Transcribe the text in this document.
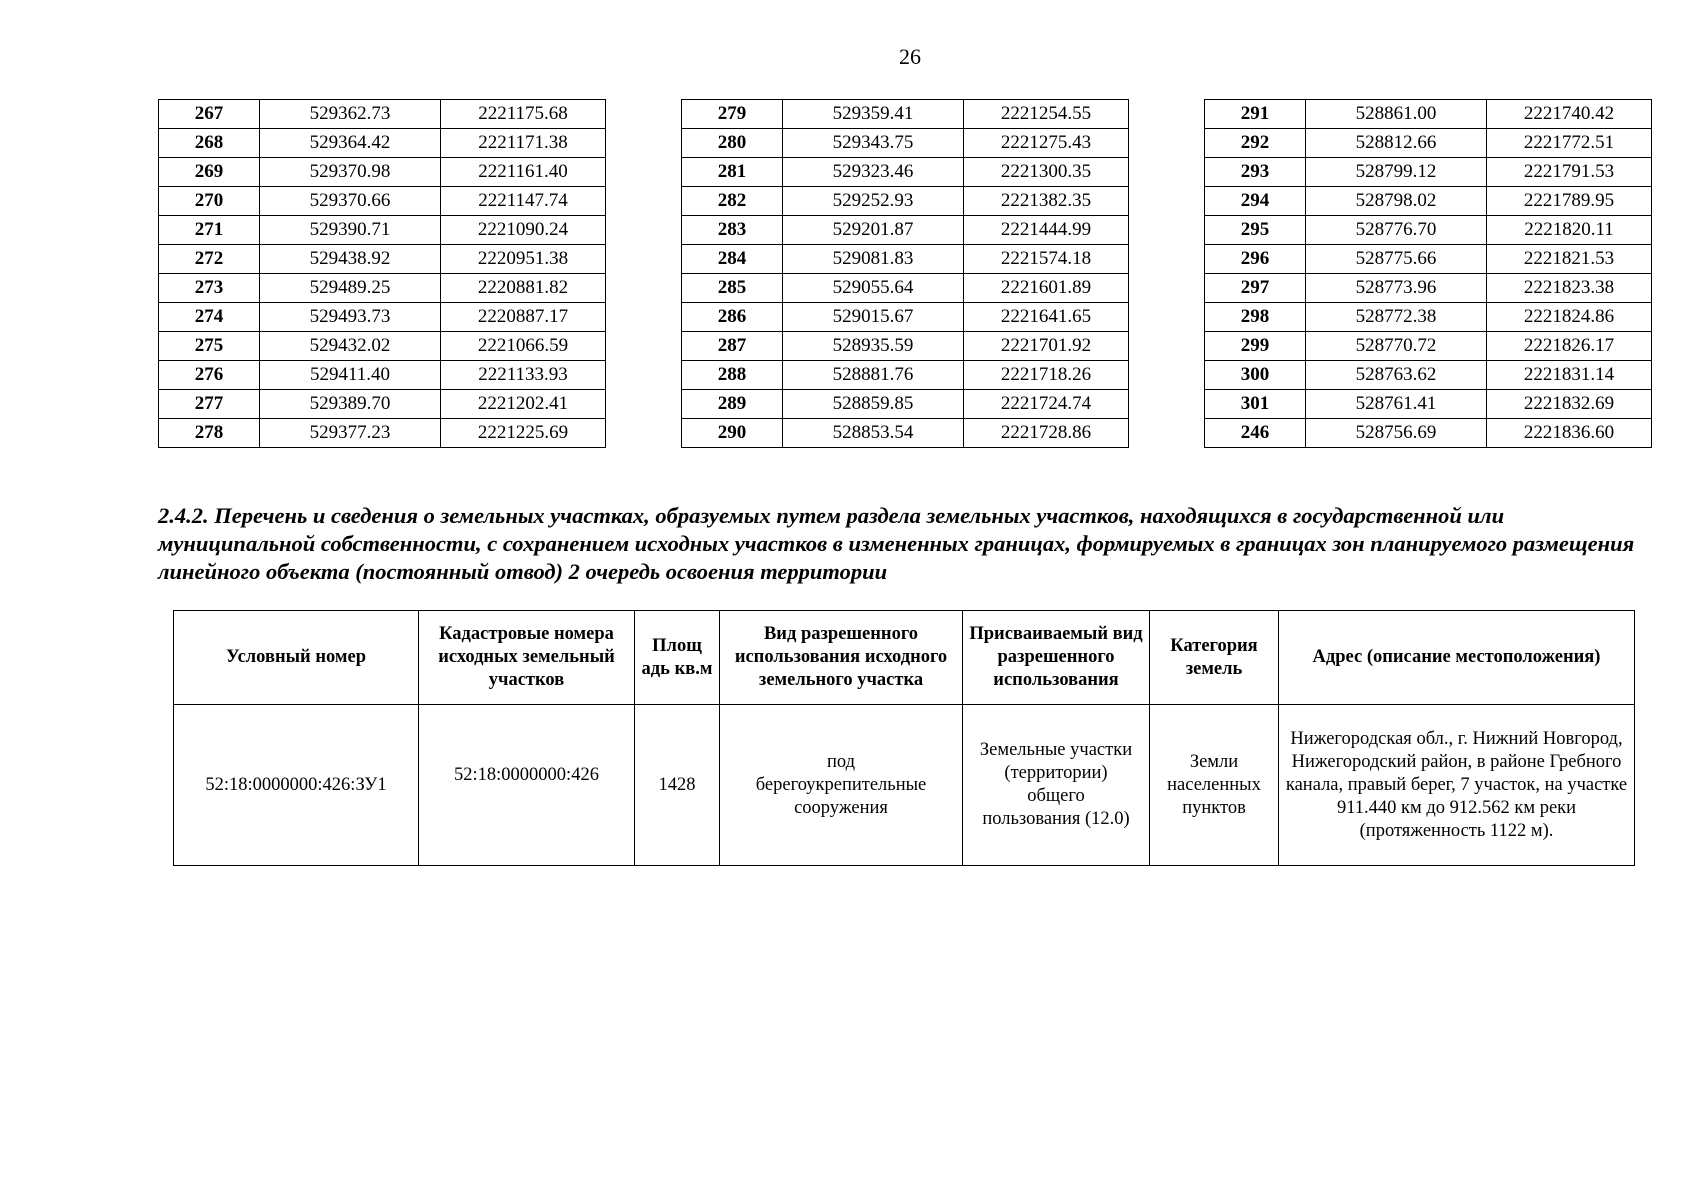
26
267	529362.73	2221175.68
268	529364.42	2221171.38
269	529370.98	2221161.40
270	529370.66	2221147.74
271	529390.71	2221090.24
272	529438.92	2220951.38
273	529489.25	2220881.82
274	529493.73	2220887.17
275	529432.02	2221066.59
276	529411.40	2221133.93
277	529389.70	2221202.41
278	529377.23	2221225.69
279	529359.41	2221254.55
280	529343.75	2221275.43
281	529323.46	2221300.35
282	529252.93	2221382.35
283	529201.87	2221444.99
284	529081.83	2221574.18
285	529055.64	2221601.89
286	529015.67	2221641.65
287	528935.59	2221701.92
288	528881.76	2221718.26
289	528859.85	2221724.74
290	528853.54	2221728.86
291	528861.00	2221740.42
292	528812.66	2221772.51
293	528799.12	2221791.53
294	528798.02	2221789.95
295	528776.70	2221820.11
296	528775.66	2221821.53
297	528773.96	2221823.38
298	528772.38	2221824.86
299	528770.72	2221826.17
300	528763.62	2221831.14
301	528761.41	2221832.69
246	528756.69	2221836.60
2.4.2. Перечень и сведения о земельных участках, образуемых путем раздела земельных участков, находящихся в государственной или муниципальной собственности, с сохранением исходных участков в измененных границах, формируемых в границах зон планируемого размещения линейного объекта (постоянный отвод) 2 очередь освоения территории
Условный номер	Кадастровые номера исходных земельный участков	Площ адь кв.м	Вид разрешенного использования исходного земельного участка	Присваиваемый вид разрешенного использования	Категория земель	Адрес (описание местоположения)
52:18:0000000:426:ЗУ1	52:18:0000000:426	1428	под берегоукрепительные сооружения	Земельные участки (территории) общего пользования (12.0)	Земли населенных пунктов	Нижегородская обл., г. Нижний Новгород, Нижегородский район, в районе Гребного канала, правый берег, 7 участок, на участке 911.440 км до 912.562 км реки (протяженность 1122 м).
